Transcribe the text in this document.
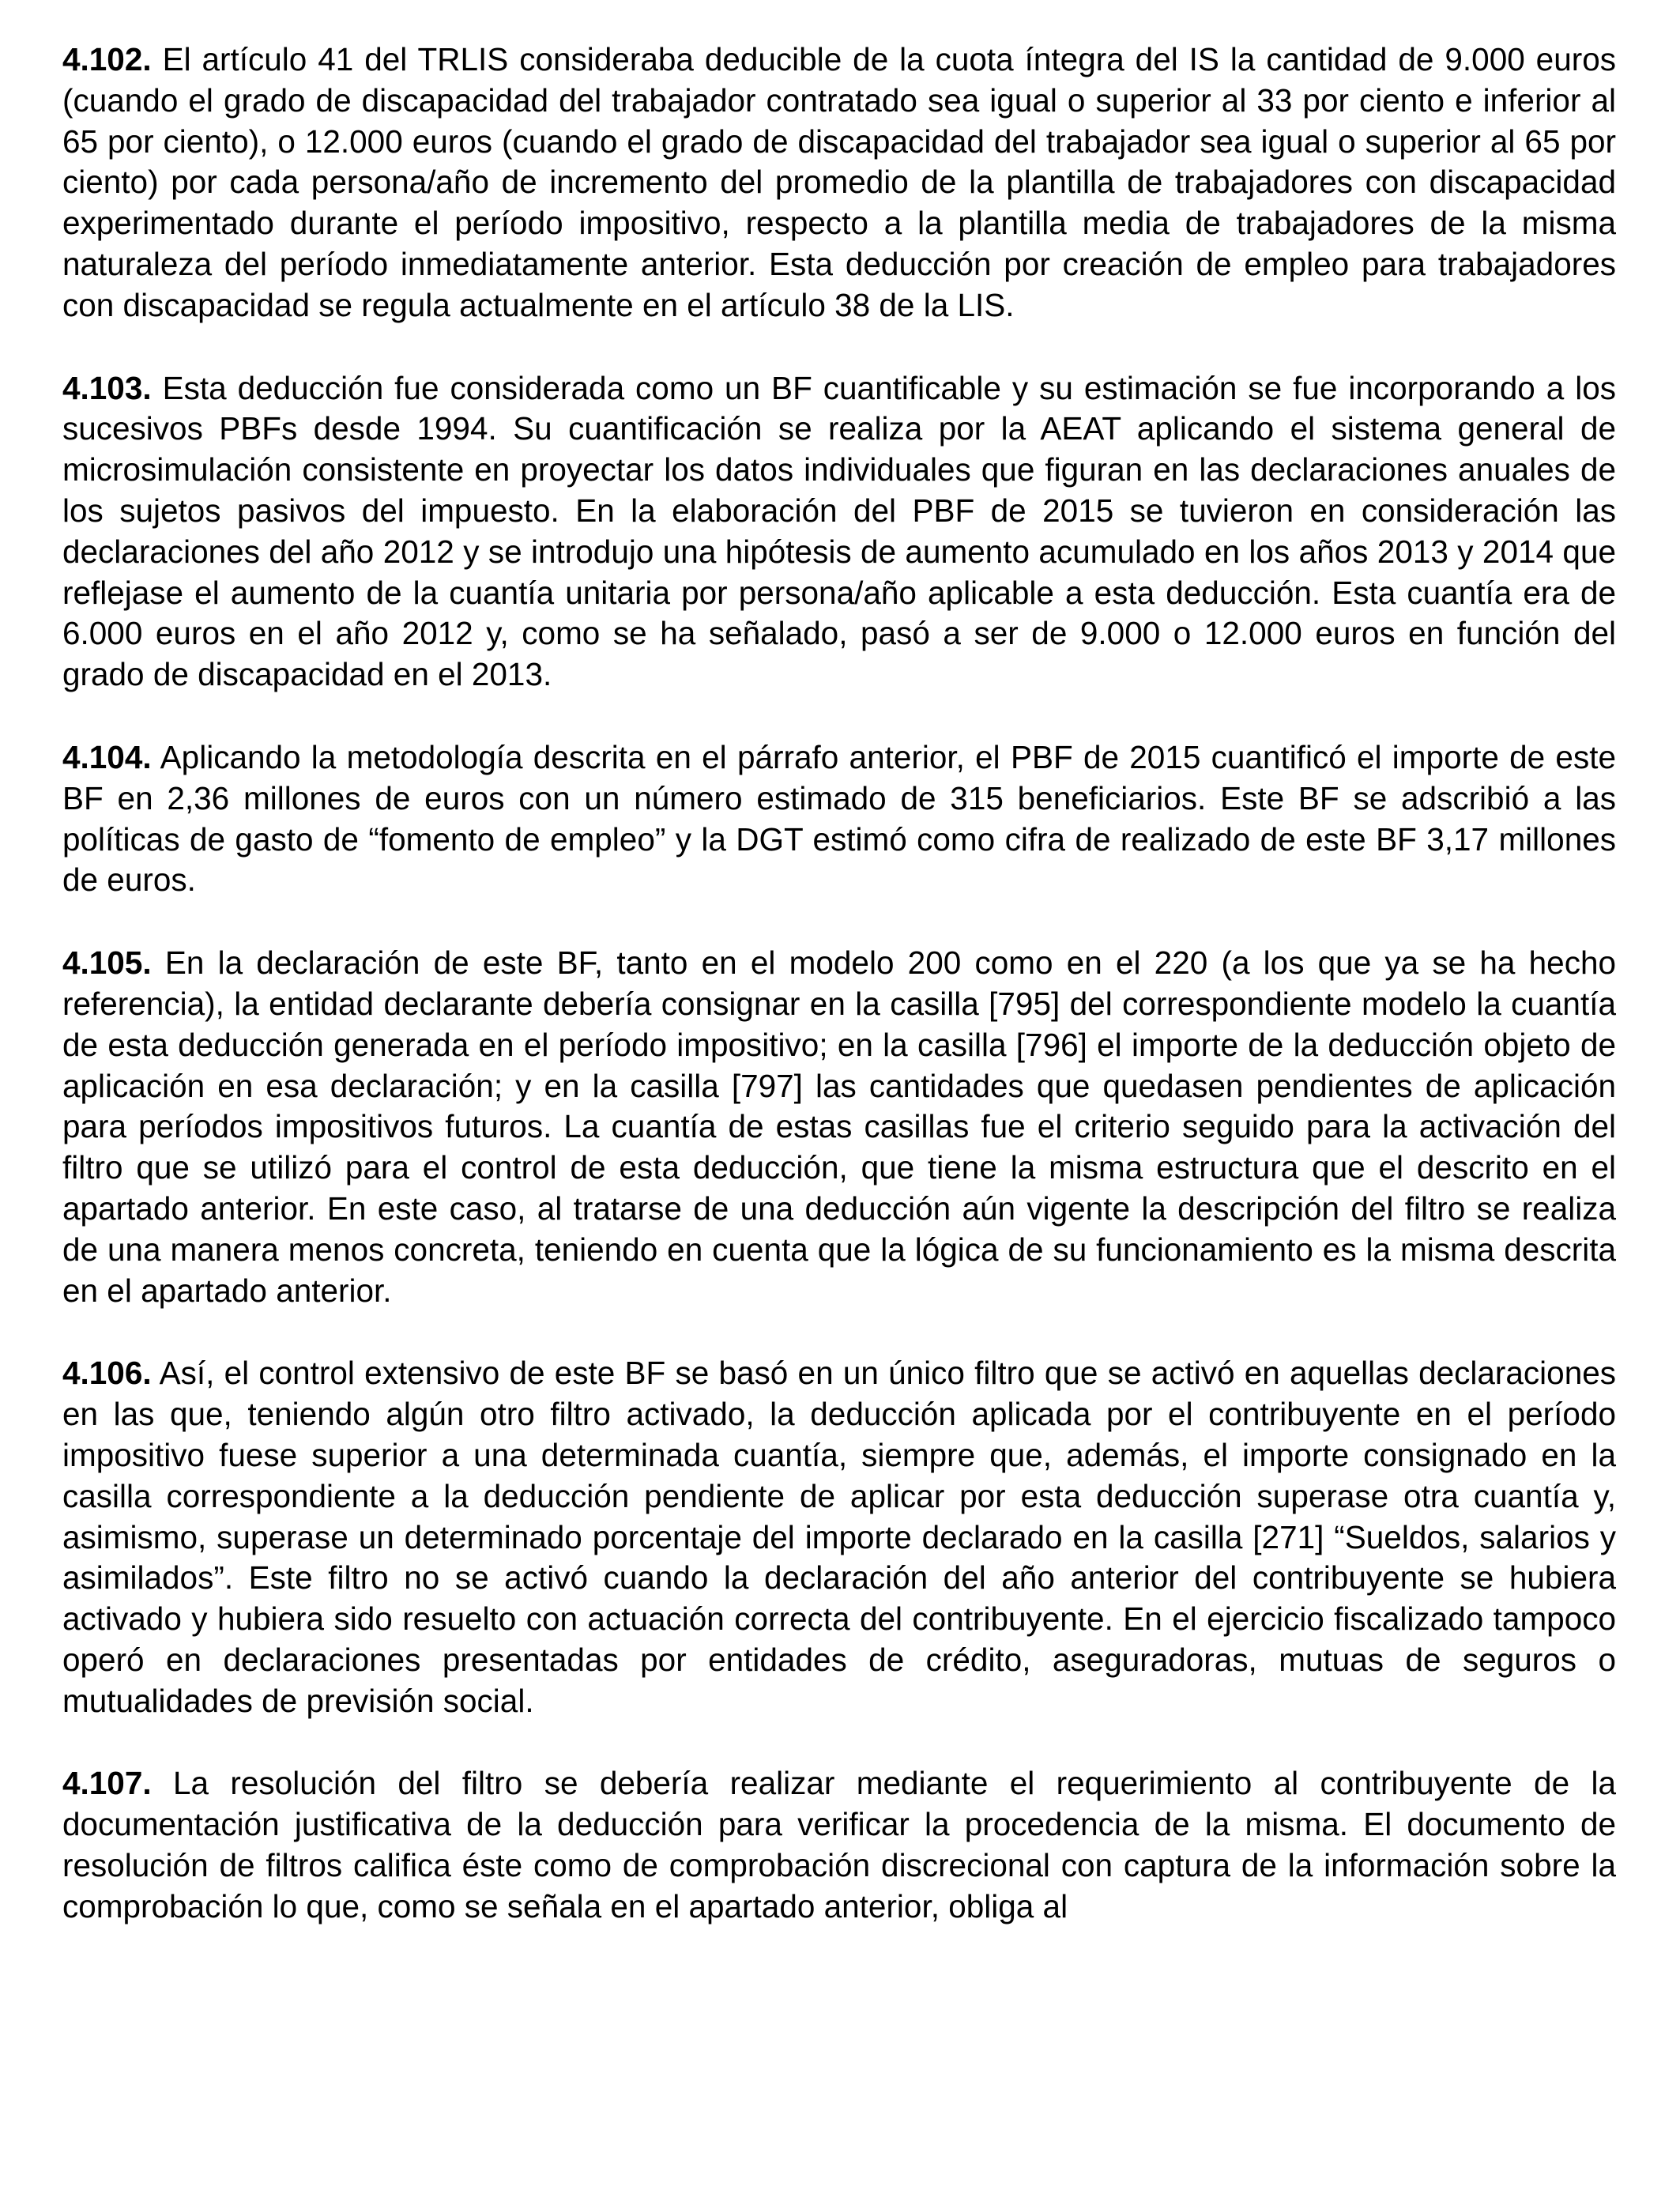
4.102. El artículo 41 del TRLIS consideraba deducible de la cuota íntegra del IS la cantidad de 9.000 euros (cuando el grado de discapacidad del trabajador contratado sea igual o superior al 33 por ciento e inferior al 65 por ciento), o 12.000 euros (cuando el grado de discapacidad del trabajador sea igual o superior al 65 por ciento) por cada persona/año de incremento del promedio de la plantilla de trabajadores con discapacidad experimentado durante el período impositivo, respecto a la plantilla media de trabajadores de la misma naturaleza del período inmediatamente anterior. Esta deducción por creación de empleo para trabajadores con discapacidad se regula actualmente en el artículo 38 de la LIS.

4.103. Esta deducción fue considerada como un BF cuantificable y su estimación se fue incorporando a los sucesivos PBFs desde 1994. Su cuantificación se realiza por la AEAT aplicando el sistema general de microsimulación consistente en proyectar los datos individuales que figuran en las declaraciones anuales de los sujetos pasivos del impuesto. En la elaboración del PBF de 2015 se tuvieron en consideración las declaraciones del año 2012 y se introdujo una hipótesis de aumento acumulado en los años 2013 y 2014 que reflejase el aumento de la cuantía unitaria por persona/año aplicable a esta deducción. Esta cuantía era de 6.000 euros en el año 2012 y, como se ha señalado, pasó a ser de 9.000 o 12.000 euros en función del grado de discapacidad en el 2013.

4.104. Aplicando la metodología descrita en el párrafo anterior, el PBF de 2015 cuantificó el importe de este BF en 2,36 millones de euros con un número estimado de 315 beneficiarios. Este BF se adscribió a las políticas de gasto de “fomento de empleo” y la DGT estimó como cifra de realizado de este BF 3,17 millones de euros.

4.105. En la declaración de este BF, tanto en el modelo 200 como en el 220 (a los que ya se ha hecho referencia), la entidad declarante debería consignar en la casilla [795] del correspondiente modelo la cuantía de esta deducción generada en el período impositivo; en la casilla [796] el importe de la deducción objeto de aplicación en esa declaración; y en la casilla [797] las cantidades que quedasen pendientes de aplicación para períodos impositivos futuros. La cuantía de estas casillas fue el criterio seguido para la activación del filtro que se utilizó para el control de esta deducción, que tiene la misma estructura que el descrito en el apartado anterior. En este caso, al tratarse de una deducción aún vigente la descripción del filtro se realiza de una manera menos concreta, teniendo en cuenta que la lógica de su funcionamiento es la misma descrita en el apartado anterior.

4.106. Así, el control extensivo de este BF se basó en un único filtro que se activó en aquellas declaraciones en las que, teniendo algún otro filtro activado, la deducción aplicada por el contribuyente en el período impositivo fuese superior a una determinada cuantía, siempre que, además, el importe consignado en la casilla correspondiente a la deducción pendiente de aplicar por esta deducción superase otra cuantía y, asimismo, superase un determinado porcentaje del importe declarado en la casilla [271] “Sueldos, salarios y asimilados”. Este filtro no se activó cuando la declaración del año anterior del contribuyente se hubiera activado y hubiera sido resuelto con actuación correcta del contribuyente. En el ejercicio fiscalizado tampoco operó en declaraciones presentadas por entidades de crédito, aseguradoras, mutuas de seguros o mutualidades de previsión social.

4.107. La resolución del filtro se debería realizar mediante el requerimiento al contribuyente de la documentación justificativa de la deducción para verificar la procedencia de la misma. El documento de resolución de filtros califica éste como de comprobación discrecional con captura de la información sobre la comprobación lo que, como se señala en el apartado anterior, obliga al
